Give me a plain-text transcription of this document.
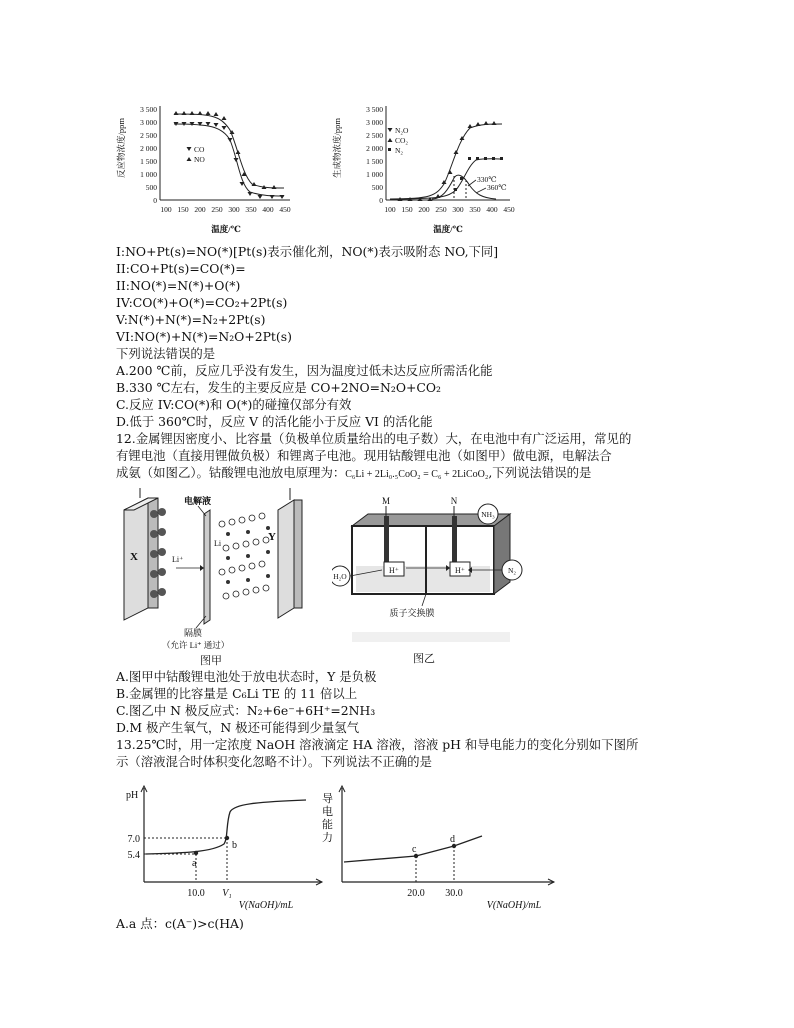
反应物浓度/ppm
3 500
3 000
2 500
2 000
1 500
1 000
500
0
100 150 200 250 300 350 400 450
温度/℃
CO
NO	生成物浓度/ppm
3 500
3 000
2 500
2 000
1 500
1 000
500
0
100 150 200 250 300 350 400 450
温度/℃
N₂O
CO₂
N₂
330℃
360℃
I:NO+Pt(s)=NO(*)[Pt(s)表示催化剂，NO(*)表示吸附态 NO,下同]
II:CO+Pt(s)=CO(*)=
II:NO(*)=N(*)+O(*)
IV:CO(*)+O(*)=CO₂+2Pt(s)
V:N(*)+N(*)=N₂+2Pt(s)
VI:NO(*)+N(*)=N₂O+2Pt(s)
下列说法错误的是
A.200 ℃前，反应几乎没有发生，因为温度过低未达反应所需活化能
B.330 ℃左右，发生的主要反应是 CO+2NO=N₂O+CO₂
C.反应 IV:CO(*)和 O(*)的碰撞仅部分有效
D.低于 360℃时，反应 V 的活化能小于反应 VI 的活化能
12.金属锂因密度小、比容量（负极单位质量给出的电子数）大，在电池中有广泛运用，常见的
有锂电池（直接用锂做负极）和锂离子电池。现用钴酸锂电池（如图甲）做电源，电解法合
成氨（如图乙）。钴酸锂电池放电原理为：C₆Li + 2Li₀.₅CoO₂ = C₆ + 2LiCoO₂,下列说法错误的是
X
电解液
Li⁺
Li
Y
隔膜
（允许 Li⁺ 通过）
图甲
M	N
NH₃
H₂O
N₂
H⁺	H⁺
质子交换膜
图乙
A.图甲中钴酸锂电池处于放电状态时，Y 是负极
B.金属锂的比容量是 C₆Li TE 的 11 倍以上
C.图乙中 N 极反应式：N₂+6e⁻+6H⁺=2NH₃
D.M 极产生氧气，N 极还可能得到少量氢气
13.25℃时，用一定浓度 NaOH 溶液滴定 HA 溶液，溶液 pH 和导电能力的变化分别如下图所
示（溶液混合时体积变化忽略不计）。下列说法不正确的是
pH
a
b
7.0
5.4
10.0 V₁
V(NaOH)/mL
导
电
能
力
c
d
20.0 30.0
V(NaOH)/mL
A.a 点：c(A⁻)>c(HA)
